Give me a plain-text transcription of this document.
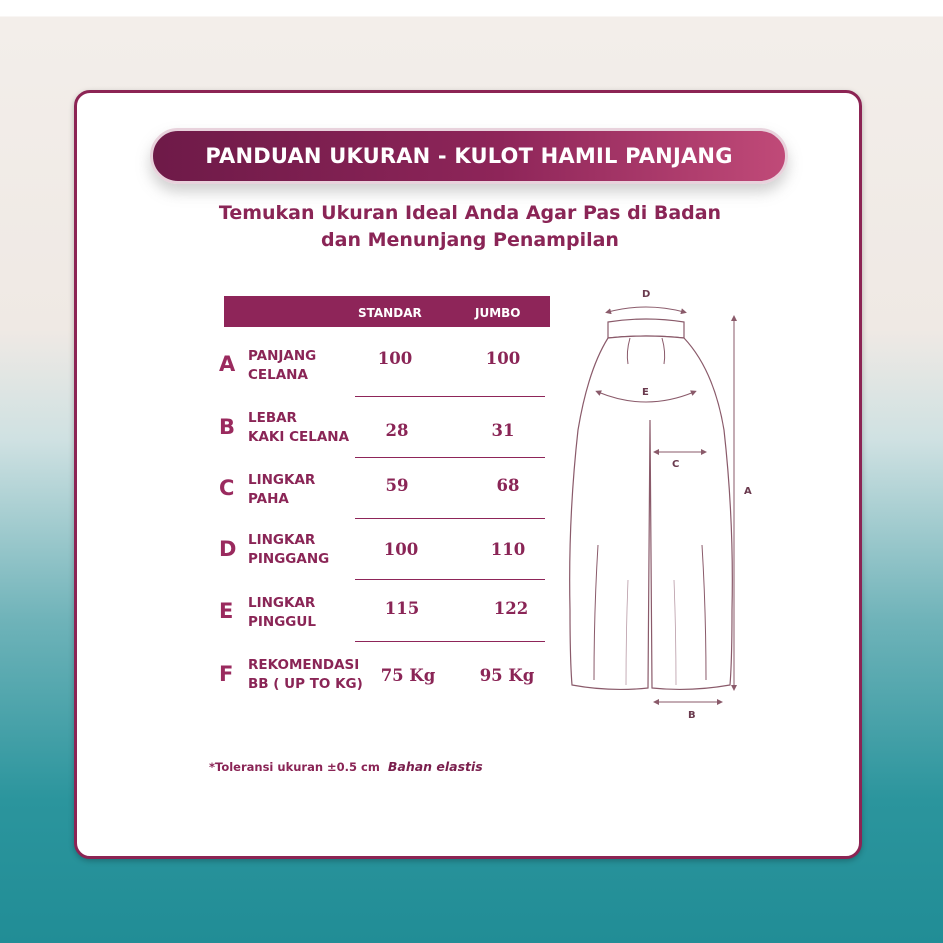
PANDUAN UKURAN - KULOT HAMIL PANJANG
Temukan Ukuran Ideal Anda Agar Pas di Badan
dan Menunjang Penampilan
STANDAR	JUMBO
A PANJANG
CELANA
100	100
B LEBAR
KAKI CELANA	28	31
C	LINGKAR
PAHA
59	68
D LINGKAR
PINGGANG	100	110
E	LINGKAR
PINGGUL
115	122
F	REKOMENDASI
BB ( UP TO KG)	75 Kg	95 Kg
*Toleransi ukuran ±0.5 cm Bahan elastis
D
E
C
A
B
